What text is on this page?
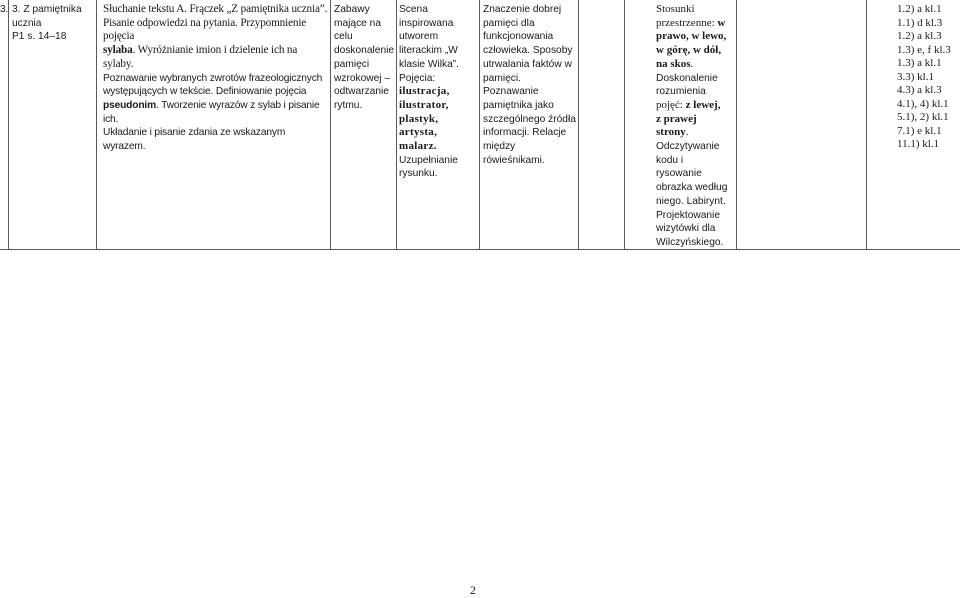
3. 3. Z pamiętnika

ucznia

P1 s. 14–18

Słuchanie tekstu A. Frączek „Z pamiętnika ucznia”.

Pisanie odpowiedzi na pytania. Przypomnienie pojęcia

sylaba. Wyróżnianie imion i dzielenie ich na sylaby.

Poznawanie wybranych zwrotów frazeologicznych

występujących w tekście. Definiowanie pojęcia

pseudonim. Tworzenie wyrazów z sylab i pisanie ich.

Układanie i pisanie zdania ze wskazanym wyrazem.

Zabawy

mające na celu

doskonalenie

pamięci

wzrokowej –

odtwarzanie

rytmu.

Scena inspirowana

utworem

literackim „W

klasie Wilka”.

Pojęcia:

ilustracja,

ilustrator,

plastyk, artysta,

malarz.

Uzupełnianie

rysunku.

Znaczenie dobrej

pamięci dla

funkcjonowania

człowieka. Sposoby

utrwalania faktów w

pamięci. Poznawanie

pamiętnika jako

szczególnego źródła

informacji. Relacje

między rówieśnikami.

Stosunki

przestrzenne: w

prawo, w lewo,

w górę, w dół,

na skos.

Doskonalenie

rozumienia

pojęć: z lewej,

z prawej

strony.

Odczytywanie

kodu i

rysowanie

obrazka według

niego. Labirynt.

Projektowanie

wizytówki dla

Wilczyńskiego.

1.2) a kl.1

1.1) d kl.3

1.2) a kl.3

1.3) e, f kl.3

1.3) a kl.1

3.3) kl.1

4.3) a kl.3

4.1), 4) kl.1

5.1), 2) kl.1

7.1) e kl.1

11.1) kl.1

2
